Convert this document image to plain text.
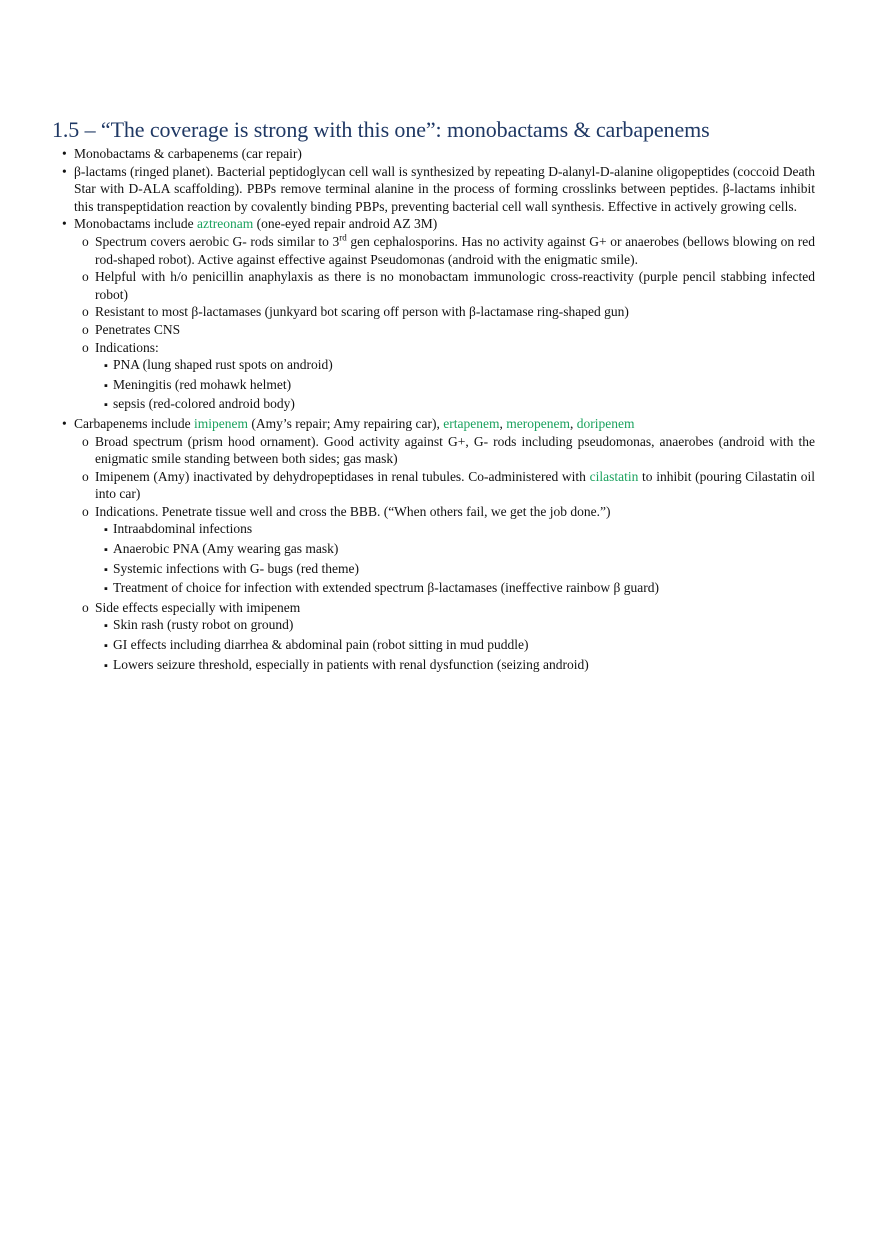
1.5 – “The coverage is strong with this one”: monobactams & carbapenems
• Monobactams & carbapenems (car repair)
• β-lactams (ringed planet). Bacterial peptidoglycan cell wall is synthesized by repeating D-alanyl-D-alanine oligopeptides (coccoid Death Star with D-ALA scaffolding). PBPs remove terminal alanine in the process of forming crosslinks between peptides. β-lactams inhibit this transpeptidation reaction by covalently binding PBPs, preventing bacterial cell wall synthesis. Effective in actively growing cells.
• Monobactams include aztreonam (one-eyed repair android AZ 3M)
o Spectrum covers aerobic G- rods similar to 3rd gen cephalosporins. Has no activity against G+ or anaerobes (bellows blowing on red rod-shaped robot). Active against effective against Pseudomonas (android with the enigmatic smile).
o Helpful with h/o penicillin anaphylaxis as there is no monobactam immunologic cross-reactivity (purple pencil stabbing infected robot)
o Resistant to most β-lactamases (junkyard bot scaring off person with β-lactamase ring-shaped gun)
o Penetrates CNS
o Indications:
▪ PNA (lung shaped rust spots on android)
▪ Meningitis (red mohawk helmet)
▪ sepsis (red-colored android body)
• Carbapenems include imipenem (Amy’s repair; Amy repairing car), ertapenem, meropenem, doripenem
o Broad spectrum (prism hood ornament). Good activity against G+, G- rods including pseudomonas, anaerobes (android with the enigmatic smile standing between both sides; gas mask)
o Imipenem (Amy) inactivated by dehydropeptidases in renal tubules. Co-administered with cilastatin to inhibit (pouring Cilastatin oil into car)
o Indications. Penetrate tissue well and cross the BBB. (“When others fail, we get the job done.”)
▪ Intraabdominal infections
▪ Anaerobic PNA (Amy wearing gas mask)
▪ Systemic infections with G- bugs (red theme)
▪ Treatment of choice for infection with extended spectrum β-lactamases (ineffective rainbow β guard)
o Side effects especially with imipenem
▪ Skin rash (rusty robot on ground)
▪ GI effects including diarrhea & abdominal pain (robot sitting in mud puddle)
▪ Lowers seizure threshold, especially in patients with renal dysfunction (seizing android)
